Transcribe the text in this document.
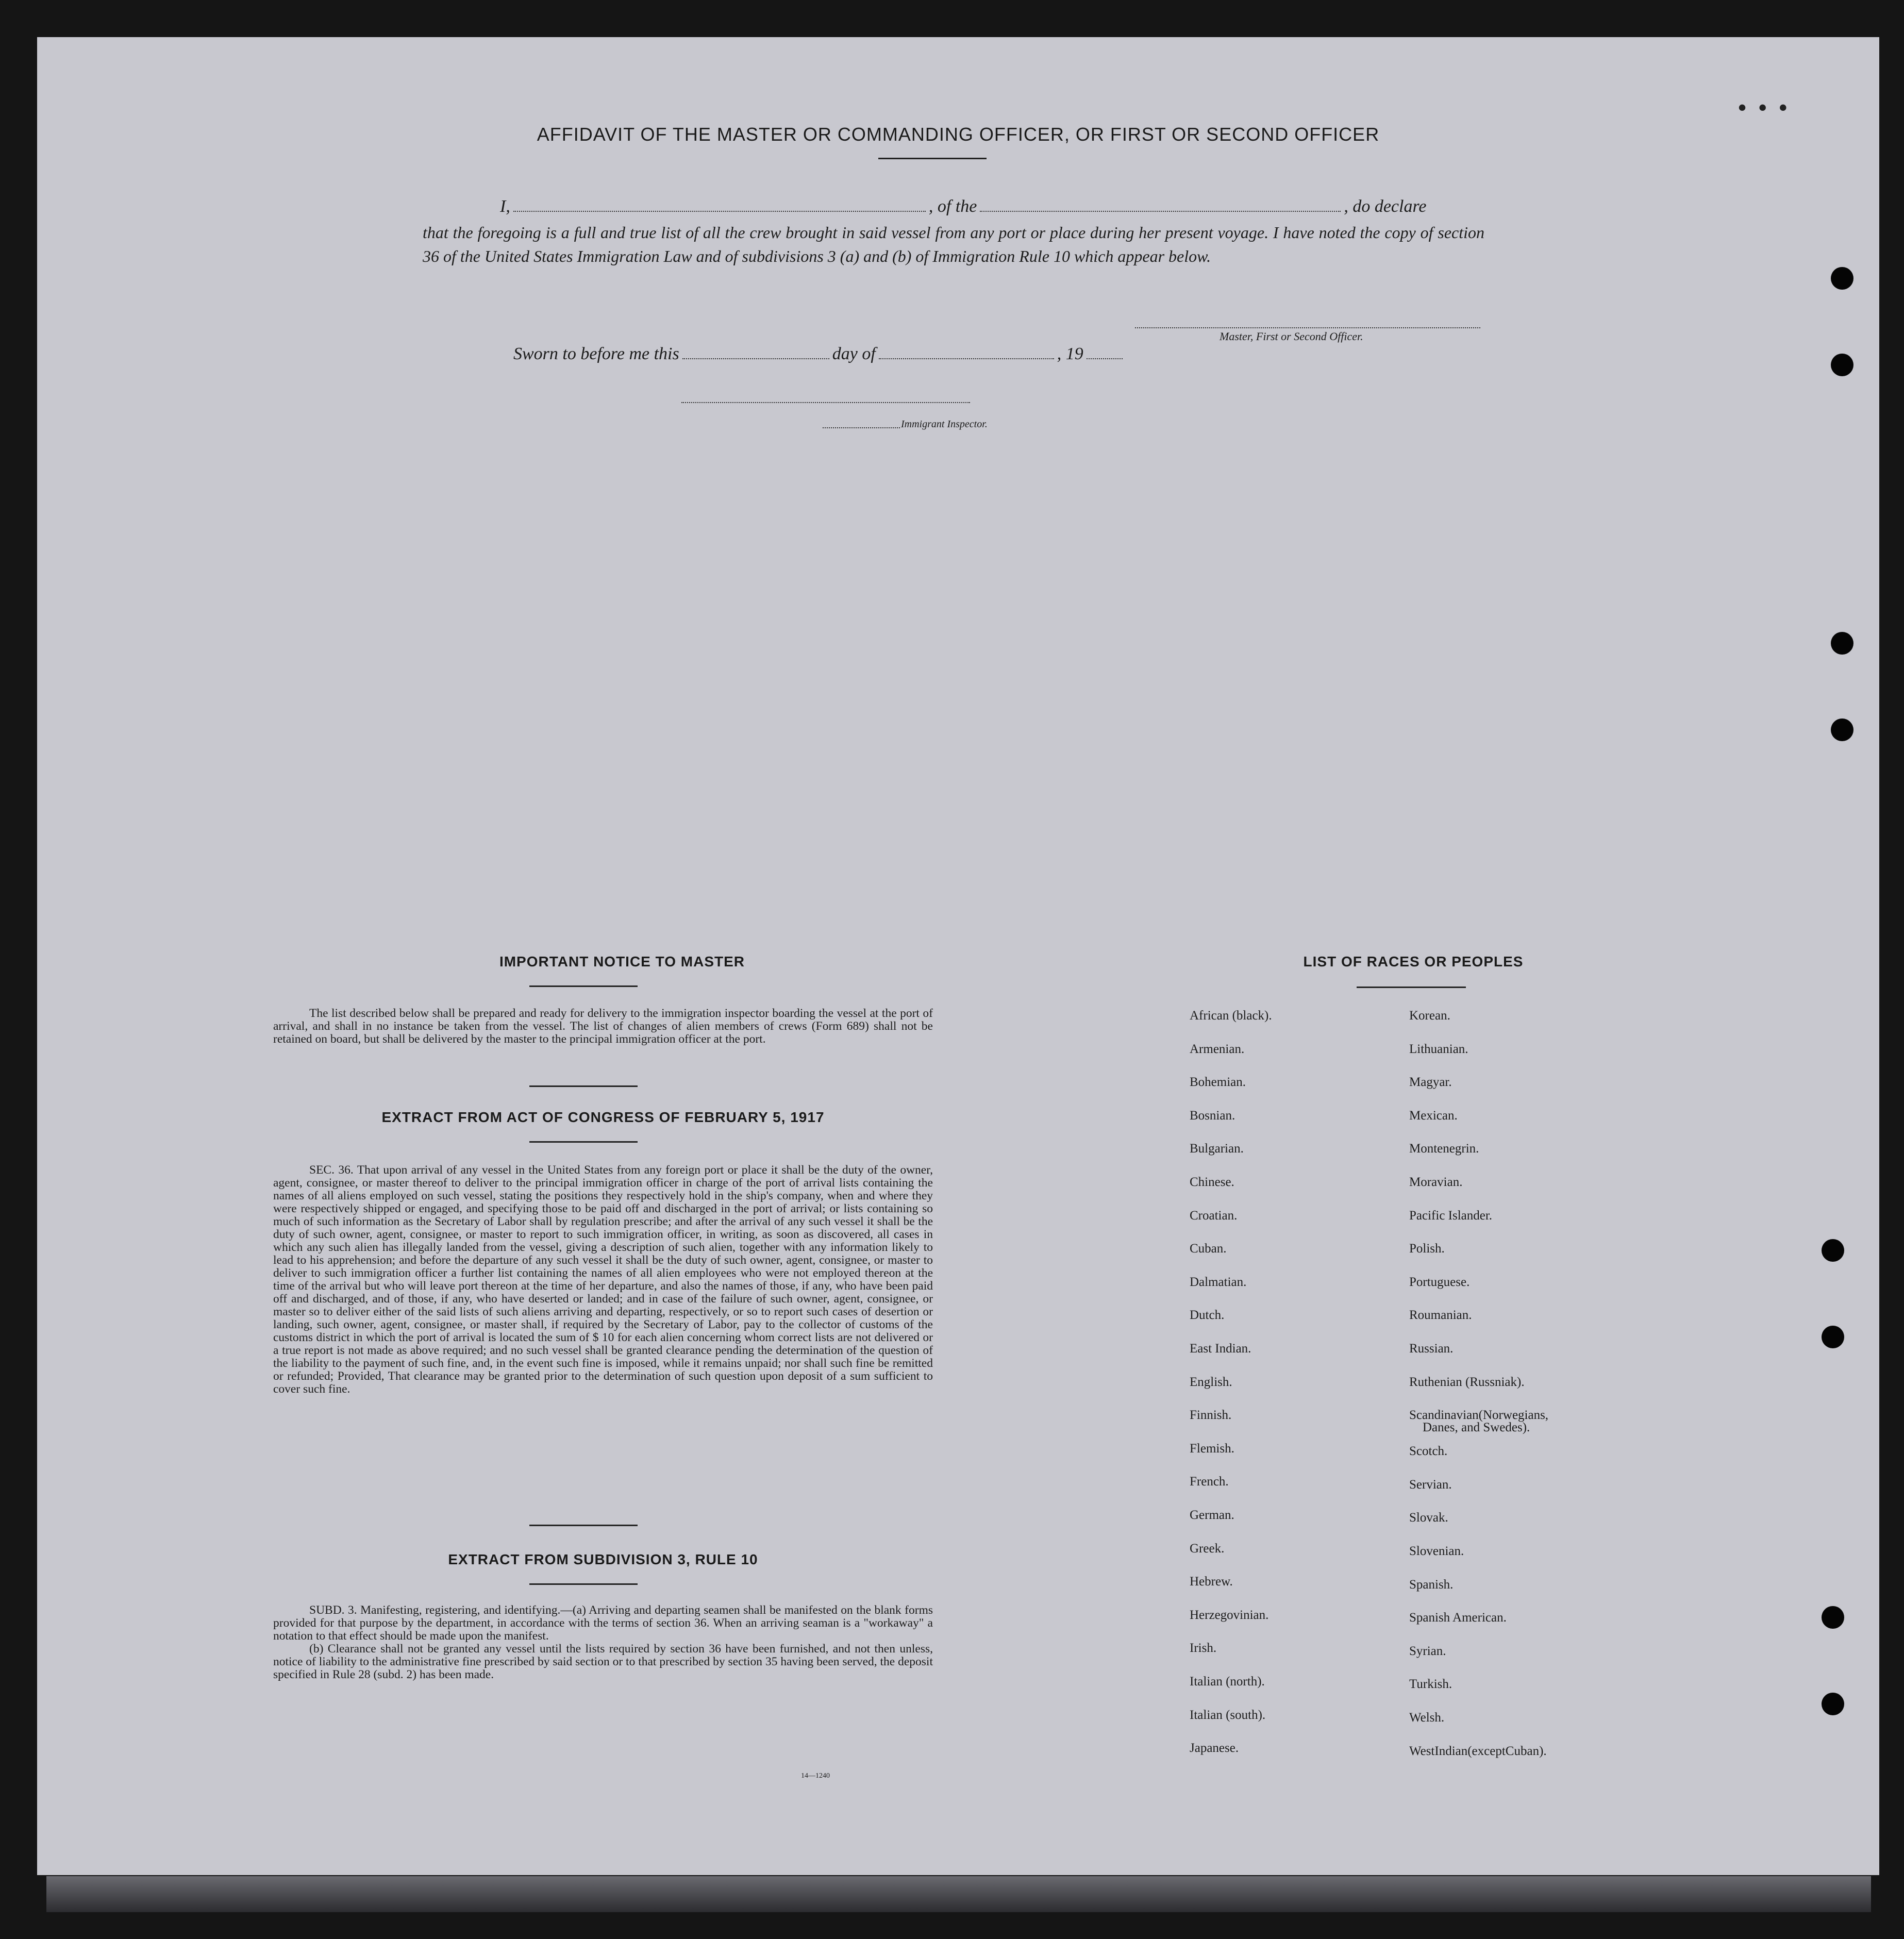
• • •
AFFIDAVIT OF THE MASTER OR COMMANDING OFFICER, OR FIRST OR SECOND OFFICER
I,	, of the	, do declare
that the foregoing is a full and true list of all the crew brought in said vessel from any port or place during her present voyage. I have noted the copy of section 36 of the United States Immigration Law and of subdivisions 3 (a) and (b) of Immigration Rule 10 which appear below.
Master, First or Second Officer.
Sworn to before me this	day of	, 19
Immigrant Inspector.
IMPORTANT NOTICE TO MASTER

The list described below shall be prepared and ready for delivery to the immigration inspector boarding the vessel at the port of arrival, and shall in no instance be taken from the vessel. The list of changes of alien members of crews (Form 689) shall not be retained on board, but shall be delivered by the master to the principal immigration officer at the port.

EXTRACT FROM ACT OF CONGRESS OF FEBRUARY 5, 1917

SEC. 36. That upon arrival of any vessel in the United States from any foreign port or place it shall be the duty of the owner, agent, consignee, or master thereof to deliver to the principal immigration officer in charge of the port of arrival lists containing the names of all aliens employed on such vessel, stating the positions they respectively hold in the ship's company, when and where they were respectively shipped or engaged, and specifying those to be paid off and discharged in the port of arrival; or lists containing so much of such information as the Secretary of Labor shall by regulation prescribe; and after the arrival of any such vessel it shall be the duty of such owner, agent, consignee, or master to report to such immigration officer, in writing, as soon as discovered, all cases in which any such alien has illegally landed from the vessel, giving a description of such alien, together with any information likely to lead to his apprehension; and before the departure of any such vessel it shall be the duty of such owner, agent, consignee, or master to deliver to such immigration officer a further list containing the names of all alien employees who were not employed thereon at the time of the arrival but who will leave port thereon at the time of her departure, and also the names of those, if any, who have been paid off and discharged, and of those, if any, who have deserted or landed; and in case of the failure of such owner, agent, consignee, or master so to deliver either of the said lists of such aliens arriving and departing, respectively, or so to report such cases of desertion or landing, such owner, agent, consignee, or master shall, if required by the Secretary of Labor, pay to the collector of customs of the customs district in which the port of arrival is located the sum of $ 10 for each alien concerning whom correct lists are not delivered or a true report is not made as above required; and no such vessel shall be granted clearance pending the determination of the question of the liability to the payment of such fine, and, in the event such fine is imposed, while it remains unpaid; nor shall such fine be remitted or refunded; Provided, That clearance may be granted prior to the determination of such question upon deposit of a sum sufficient to cover such fine.

EXTRACT FROM SUBDIVISION 3, RULE 10

SUBD. 3. Manifesting, registering, and identifying.—(a) Arriving and departing seamen shall be manifested on the blank forms provided for that purpose by the department, in accordance with the terms of section 36. When an arriving seaman is a "workaway" a notation to that effect should be made upon the manifest.

(b) Clearance shall not be granted any vessel until the lists required by section 36 have been furnished, and not then unless, notice of liability to the administrative fine prescribed by said section or to that prescribed by section 35 having been served, the deposit specified in Rule 28 (subd. 2) has been made.

14—1240
LIST OF RACES OR PEOPLES
African (black).
Armenian.
Bohemian.
Bosnian.
Bulgarian.
Chinese.
Croatian.
Cuban.
Dalmatian.
Dutch.
East Indian.
English.
Finnish.
Flemish.
French.
German.
Greek.
Hebrew.
Herzegovinian.
Irish.
Italian (north).
Italian (south).
Japanese.
Korean.
Lithuanian.
Magyar.
Mexican.
Montenegrin.
Moravian.
Pacific Islander.
Polish.
Portuguese.
Roumanian.
Russian.
Ruthenian (Russniak).
Scandinavian(Norwegians,
Danes, and Swedes).
Scotch.
Servian.
Slovak.
Slovenian.
Spanish.
Spanish American.
Syrian.
Turkish.
Welsh.
WestIndian(exceptCuban).
